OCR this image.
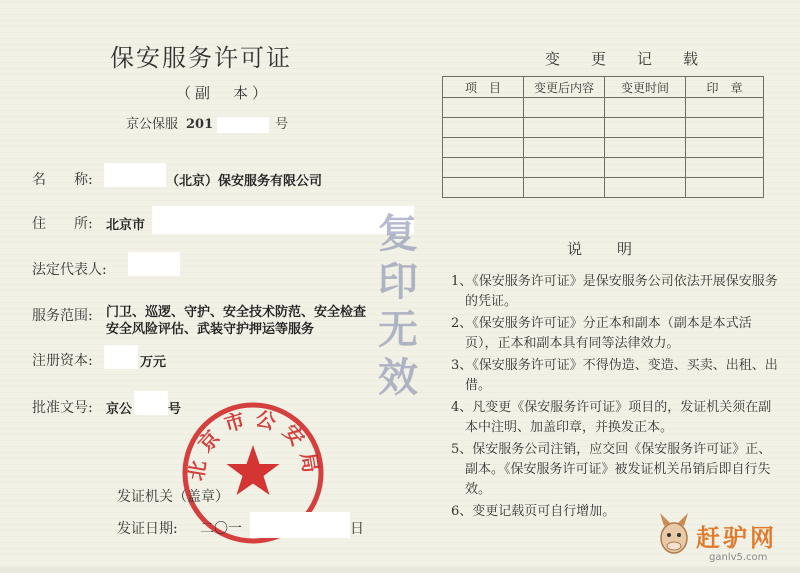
保安服务许可证
（副　本）
京公保服 201	号
名　　称:	（北京）保安服务有限公司
住　　所: 北京市
法定代表人:
服务范围: 门卫、巡逻、守护、安全技术防范、安全检查
安全风险评估、武装守护押运等服务
注册资本:	万元
批准文号: 京公	号
北京市公安局
发证机关（盖章）
发证日期: 二〇一	日
复印无效
变　更　记　载
项　目	变更后内容	变更时间	印　章

说　明

1、《保安服务许可证》是保安服务公司依法开展保安服务的凭证。

2、《保安服务许可证》分正本和副本（副本是本式活页），正本和副本具有同等法律效力。

3、《保安服务许可证》不得伪造、变造、买卖、出租、出借。

4、凡变更《保安服务许可证》项目的，发证机关须在副本中注明、加盖印章，并换发正本。

5、保安服务公司注销，应交回《保安服务许可证》正、副本。《保安服务许可证》被发证机关吊销后即自行失效。

6、变更记载页可自行增加。

赶驴网
ganlv5.com
